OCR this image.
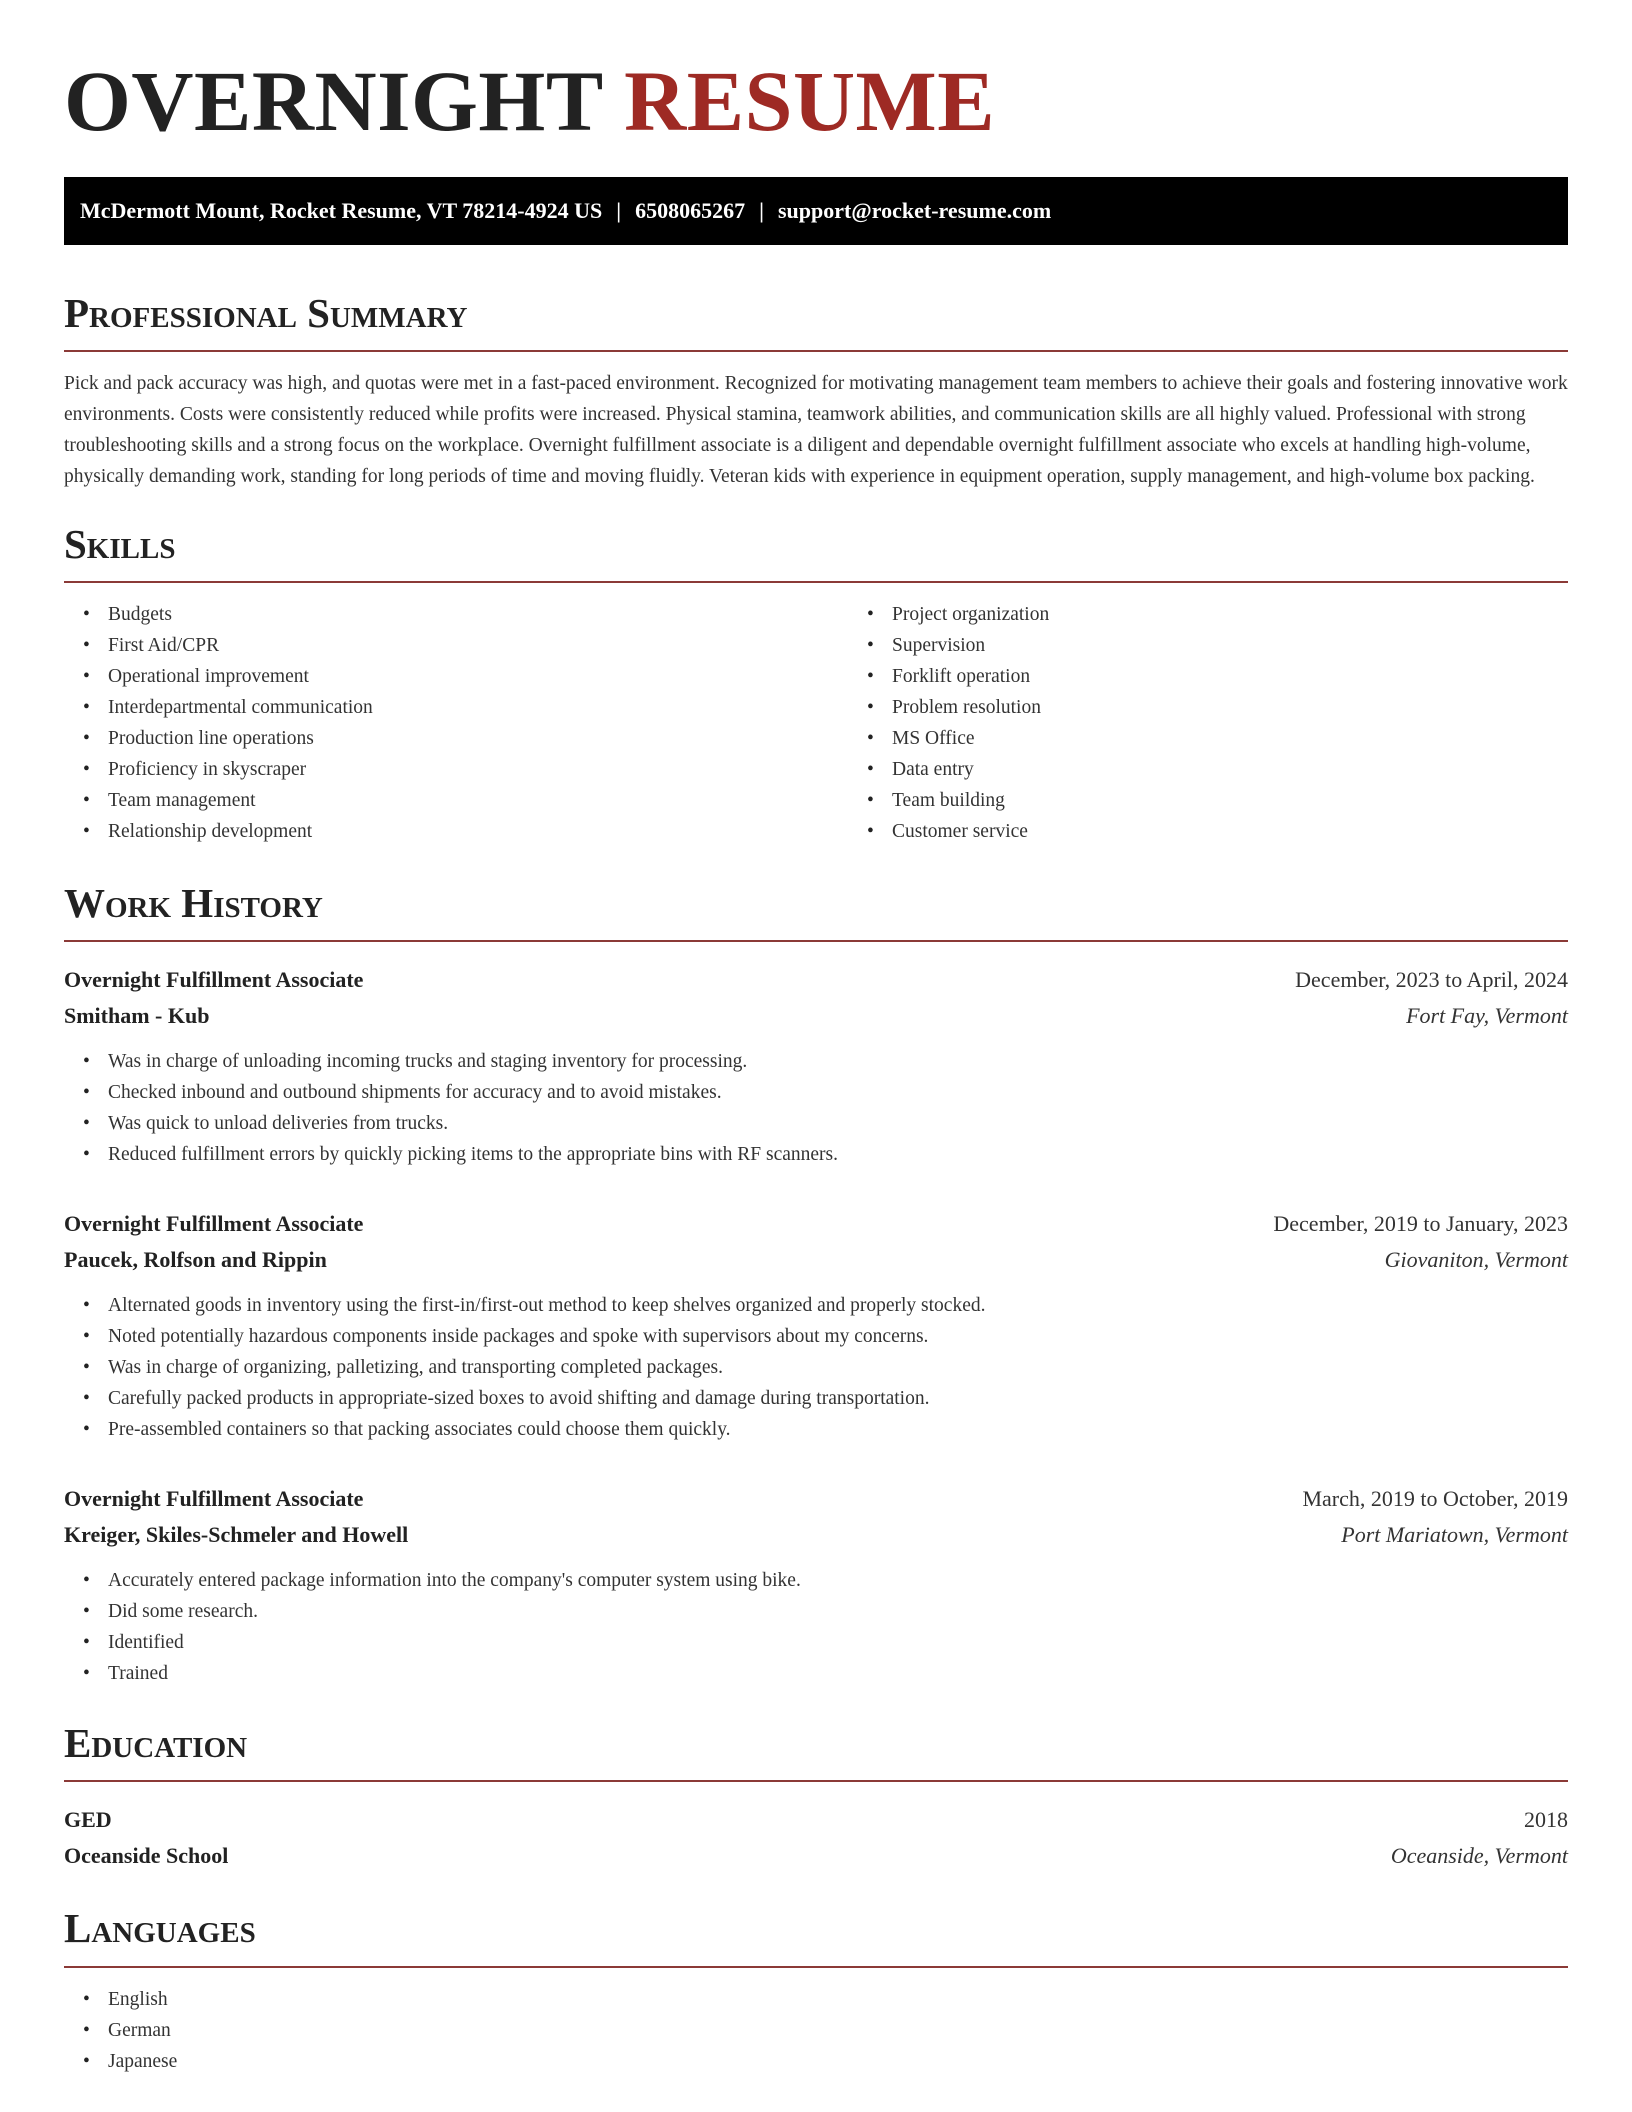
OVERNIGHT RESUME
McDermott Mount, Rocket Resume, VT 78214-4924 US | 6508065267 | support@rocket-resume.com
Professional Summary

Pick and pack accuracy was high, and quotas were met in a fast-paced environment. Recognized for motivating management team members to achieve their goals and fostering innovative work environments. Costs were consistently reduced while profits were increased. Physical stamina, teamwork abilities, and communication skills are all highly valued. Professional with strong troubleshooting skills and a strong focus on the workplace. Overnight fulfillment associate is a diligent and dependable overnight fulfillment associate who excels at handling high-volume, physically demanding work, standing for long periods of time and moving fluidly. Veteran kids with experience in equipment operation, supply management, and high-volume box packing.

Skills
• Budgets
• First Aid/CPR
• Operational improvement
• Interdepartmental communication
• Production line operations
• Proficiency in skyscraper
• Team management
• Relationship development
• Project organization
• Supervision
• Forklift operation
• Problem resolution
• MS Office
• Data entry
• Team building
• Customer service
Work History
Overnight Fulfillment Associate	December, 2023 to April, 2024
Smitham - Kub	Fort Fay, Vermont
• Was in charge of unloading incoming trucks and staging inventory for processing.
• Checked inbound and outbound shipments for accuracy and to avoid mistakes.
• Was quick to unload deliveries from trucks.
• Reduced fulfillment errors by quickly picking items to the appropriate bins with RF scanners.
Overnight Fulfillment Associate	December, 2019 to January, 2023
Paucek, Rolfson and Rippin	Giovaniton, Vermont
• Alternated goods in inventory using the first-in/first-out method to keep shelves organized and properly stocked.
• Noted potentially hazardous components inside packages and spoke with supervisors about my concerns.
• Was in charge of organizing, palletizing, and transporting completed packages.
• Carefully packed products in appropriate-sized boxes to avoid shifting and damage during transportation.
• Pre-assembled containers so that packing associates could choose them quickly.
Overnight Fulfillment Associate	March, 2019 to October, 2019
Kreiger, Skiles-Schmeler and Howell	Port Mariatown, Vermont
• Accurately entered package information into the company's computer system using bike.
• Did some research.
• Identified
• Trained
Education
GED	2018
Oceanside School	Oceanside, Vermont
Languages
• English
• German
• Japanese
